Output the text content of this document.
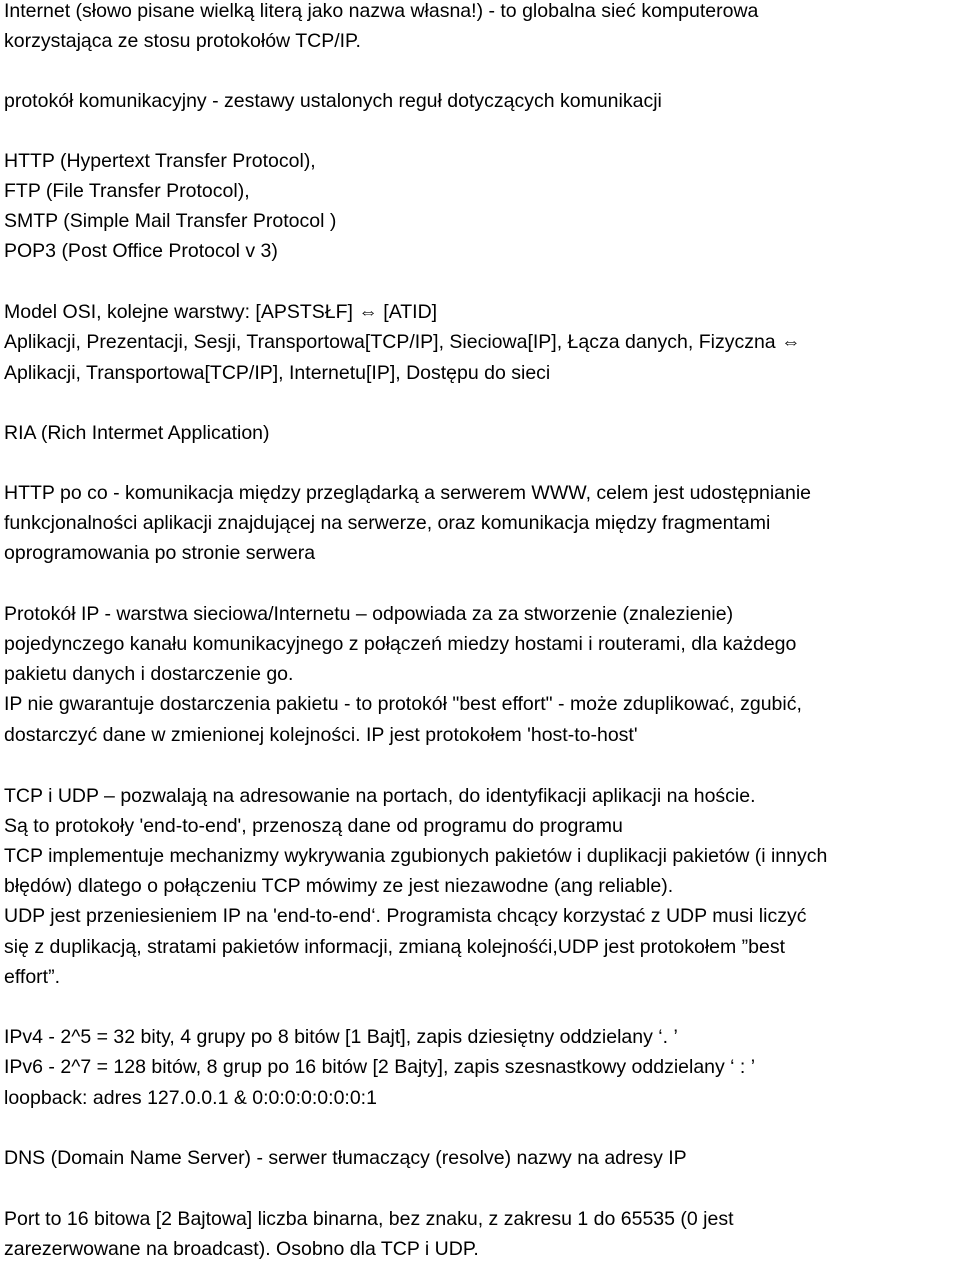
Internet (słowo pisane wielką literą jako nazwa własna!) - to globalna sieć komputerowa
korzystająca ze stosu protokołów TCP/IP.
protokół komunikacyjny - zestawy ustalonych reguł dotyczących komunikacji
HTTP (Hypertext Transfer Protocol),
FTP (File Transfer Protocol),
SMTP (Simple Mail Transfer Protocol )
POP3 (Post Office Protocol v 3)
Model OSI, kolejne warstwy: [APSTSŁF] ⇔ [ATID]
Aplikacji, Prezentacji, Sesji, Transportowa[TCP/IP], Sieciowa[IP], Łącza danych, Fizyczna ⇔
Aplikacji, Transportowa[TCP/IP], Internetu[IP], Dostępu do sieci
RIA (Rich Intermet Application)
HTTP po co - komunikacja między przeglądarką a serwerem WWW, celem jest udostępnianie
funkcjonalności aplikacji znajdującej na serwerze, oraz komunikacja między fragmentami
oprogramowania po stronie serwera
Protokół IP - warstwa sieciowa/Internetu – odpowiada za za stworzenie (znalezienie)
pojedynczego kanału komunikacyjnego z połączeń miedzy hostami i routerami, dla każdego
pakietu danych i dostarczenie go.
IP nie gwarantuje dostarczenia pakietu - to protokół "best effort" - może zduplikować, zgubić,
dostarczyć dane w zmienionej kolejności. IP jest protokołem 'host-to-host'
TCP i UDP – pozwalają na adresowanie na portach, do identyfikacji aplikacji na hoście.
Są to protokoły 'end-to-end', przenoszą dane od programu do programu
TCP implementuje mechanizmy wykrywania zgubionych pakietów i duplikacji pakietów (i innych
błędów) dlatego o połączeniu TCP mówimy ze jest niezawodne (ang reliable).
UDP jest przeniesieniem IP na 'end-to-end‘. Programista chcący korzystać z UDP musi liczyć
się z duplikacją, stratami pakietów informacji, zmianą kolejnośći,UDP jest protokołem ”best
effort”.
IPv4 - 2^5 = 32 bity, 4 grupy po 8 bitów [1 Bajt], zapis dziesiętny oddzielany ‘. ’
IPv6 - 2^7 = 128 bitów, 8 grup po 16 bitów [2 Bajty], zapis szesnastkowy oddzielany ‘ : ’
loopback: adres 127.0.0.1 & 0:0:0:0:0:0:0:1
DNS (Domain Name Server) - serwer tłumaczący (resolve) nazwy na adresy IP
Port to 16 bitowa [2 Bajtowa] liczba binarna, bez znaku, z zakresu 1 do 65535 (0 jest
zarezerwowane na broadcast). Osobno dla TCP i UDP.
